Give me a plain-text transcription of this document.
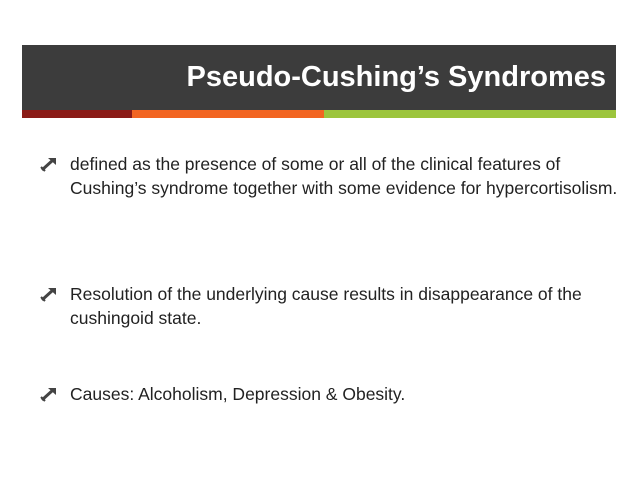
Pseudo-Cushing’s Syndromes
defined as the presence of some or all of the clinical features of Cushing’s syndrome together with some evidence for hypercortisolism.
Resolution of the underlying cause results in disappearance of the cushingoid state.
Causes: Alcoholism, Depression & Obesity.
